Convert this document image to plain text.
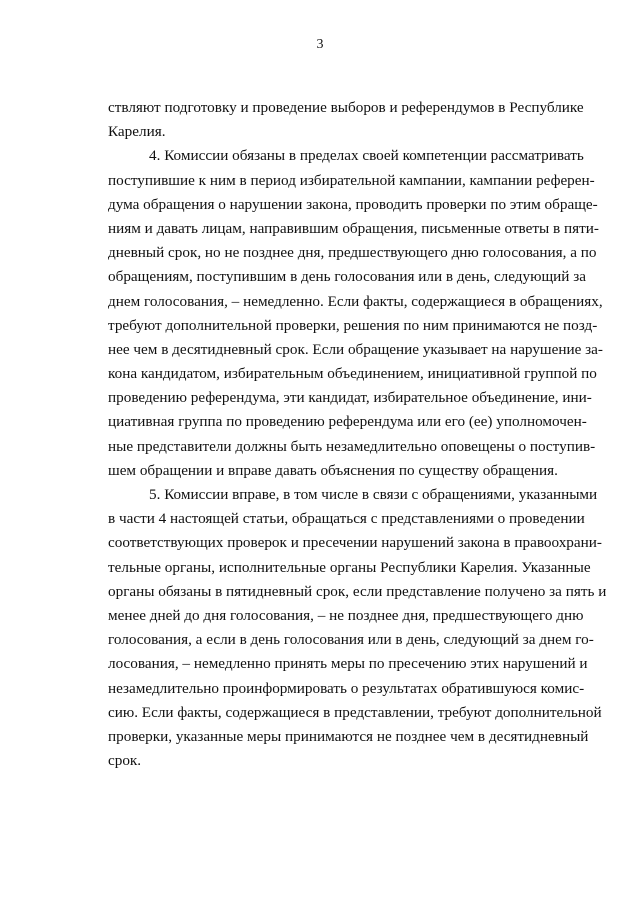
3
ствляют подготовку и проведение выборов и референдумов в Республике
Карелия.
4. Комиссии обязаны в пределах своей компетенции рассматривать
поступившие к ним в период избирательной кампании, кампании референ-
дума обращения о нарушении закона, проводить проверки по этим обраще-
ниям и давать лицам, направившим обращения, письменные ответы в пяти-
дневный срок, но не позднее дня, предшествующего дню голосования, а по
обращениям, поступившим в день голосования или в день, следующий за
днем голосования, – немедленно. Если факты, содержащиеся в обращениях,
требуют дополнительной проверки, решения по ним принимаются не позд-
нее чем в десятидневный срок. Если обращение указывает на нарушение за-
кона кандидатом, избирательным объединением, инициативной группой по
проведению референдума, эти кандидат, избирательное объединение, ини-
циативная группа по проведению референдума или его (ее) уполномочен-
ные представители должны быть незамедлительно оповещены о поступив-
шем обращении и вправе давать объяснения по существу обращения.
5. Комиссии вправе, в том числе в связи с обращениями, указанными
в части 4 настоящей статьи, обращаться с представлениями о проведении
соответствующих проверок и пресечении нарушений закона в правоохрани-
тельные органы, исполнительные органы Республики Карелия. Указанные
органы обязаны в пятидневный срок, если представление получено за пять и
менее дней до дня голосования, – не позднее дня, предшествующего дню
голосования, а если в день голосования или в день, следующий за днем го-
лосования, – немедленно принять меры по пресечению этих нарушений и
незамедлительно проинформировать о результатах обратившуюся комис-
сию. Если факты, содержащиеся в представлении, требуют дополнительной
проверки, указанные меры принимаются не позднее чем в десятидневный
срок.
